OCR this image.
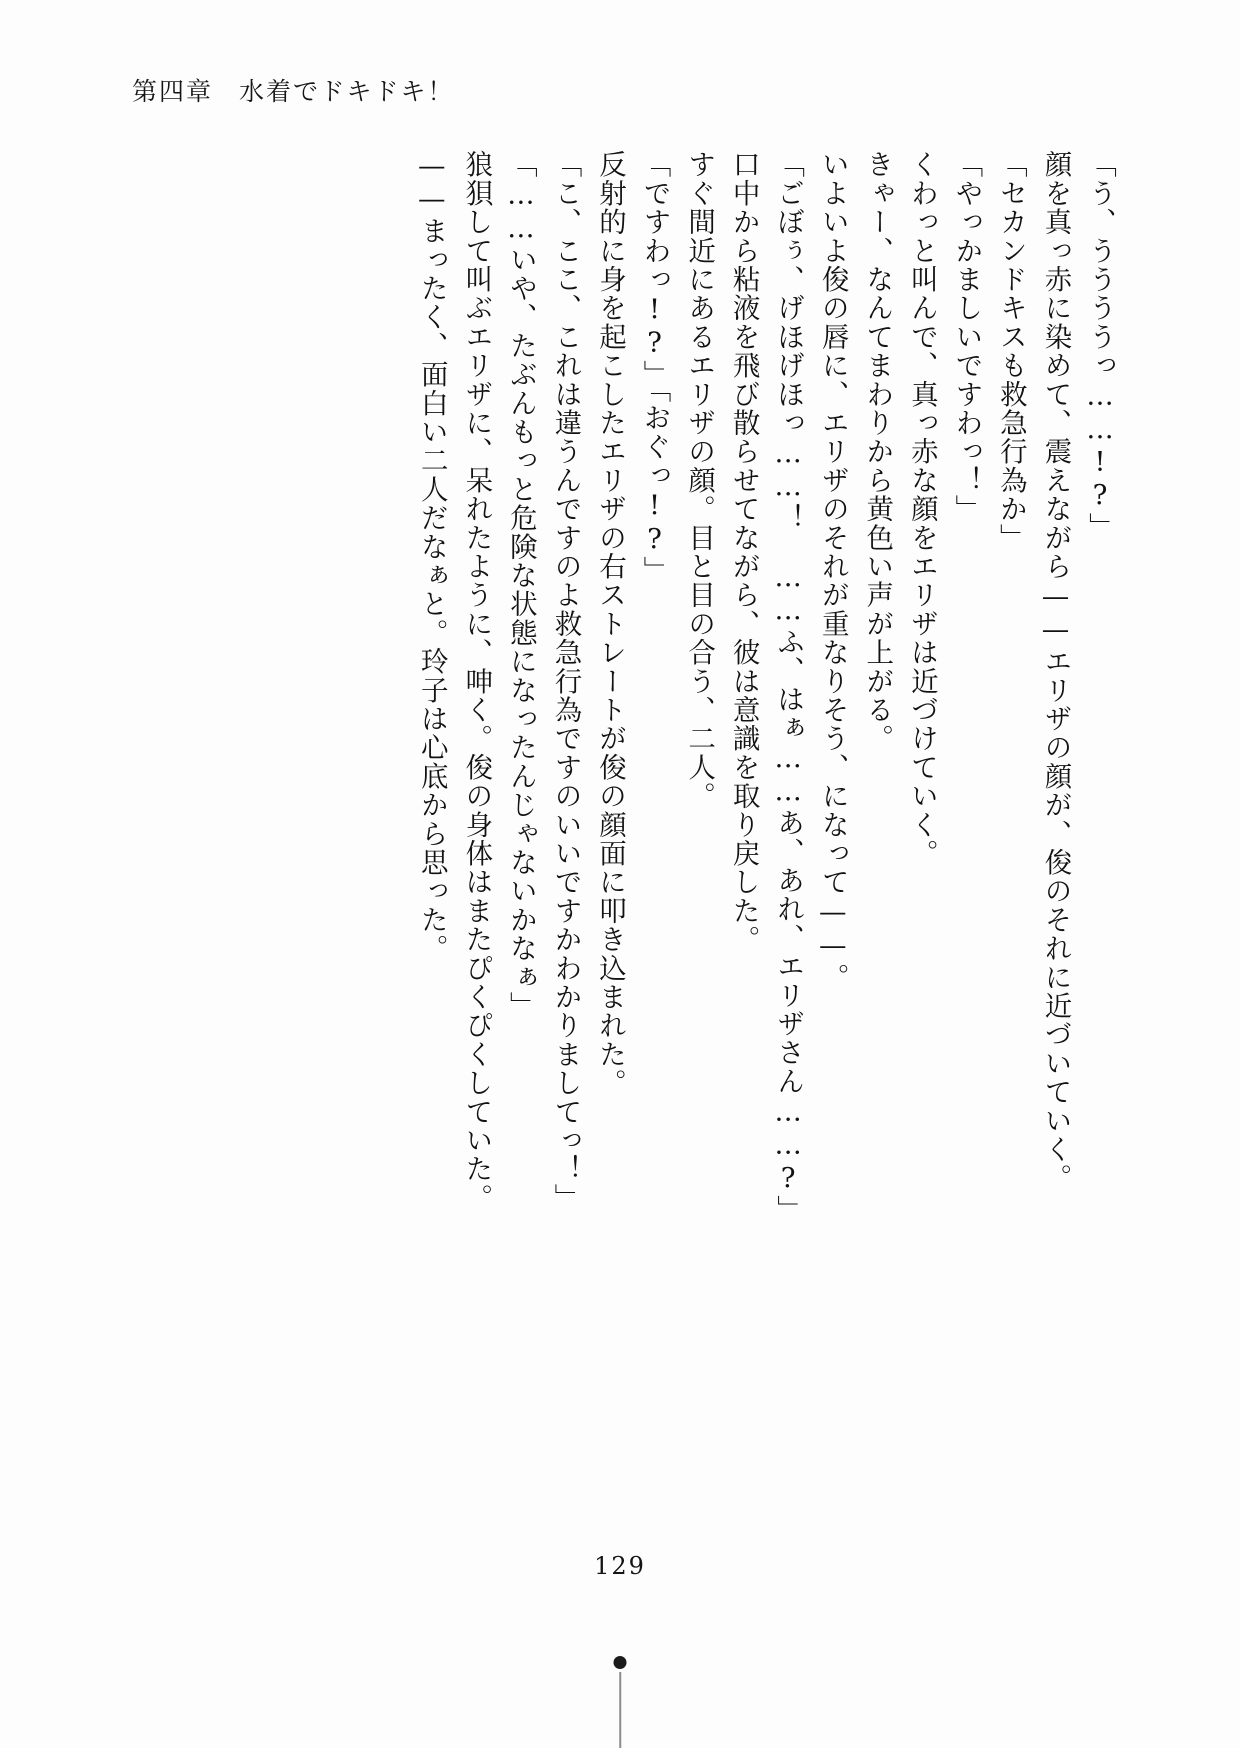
第四章 水着でドキドキ！

「う、ううううっ……!?」

顔を真っ赤に染めて、震えながら——エリザの顔が、俊のそれに近づいていく。

「セカンドキスも救急行為か」

「やっかましいですわっ！」

くわっと叫んで、真っ赤な顔をエリザは近づけていく。

きゃー、なんてまわりから黄色い声が上がる。

いよいよ俊の唇に、エリザのそれが重なりそう、になって——。

「ごぼぅ、げほげほっ……！　……ふ、はぁ……あ、あれ、エリザさん……?」

口中から粘液を飛び散らせてながら、彼は意識を取り戻した。

すぐ間近にあるエリザの顔。目と目の合う、二人。

「ですわっ!?」「おぐっ!?」

反射的に身を起こしたエリザの右ストレートが俊の顔面に叩き込まれた。

「こ、ここ、これは違うんですのよ救急行為ですのいいですかわかりましてっ！」

「……いや、たぶんもっと危険な状態になったんじゃないかなぁ」

狼狽して叫ぶエリザに、呆れたように、呻く。俊の身体はまたぴくぴくしていた。

——まったく、面白い二人だなぁと。玲子は心底から思った。

129
